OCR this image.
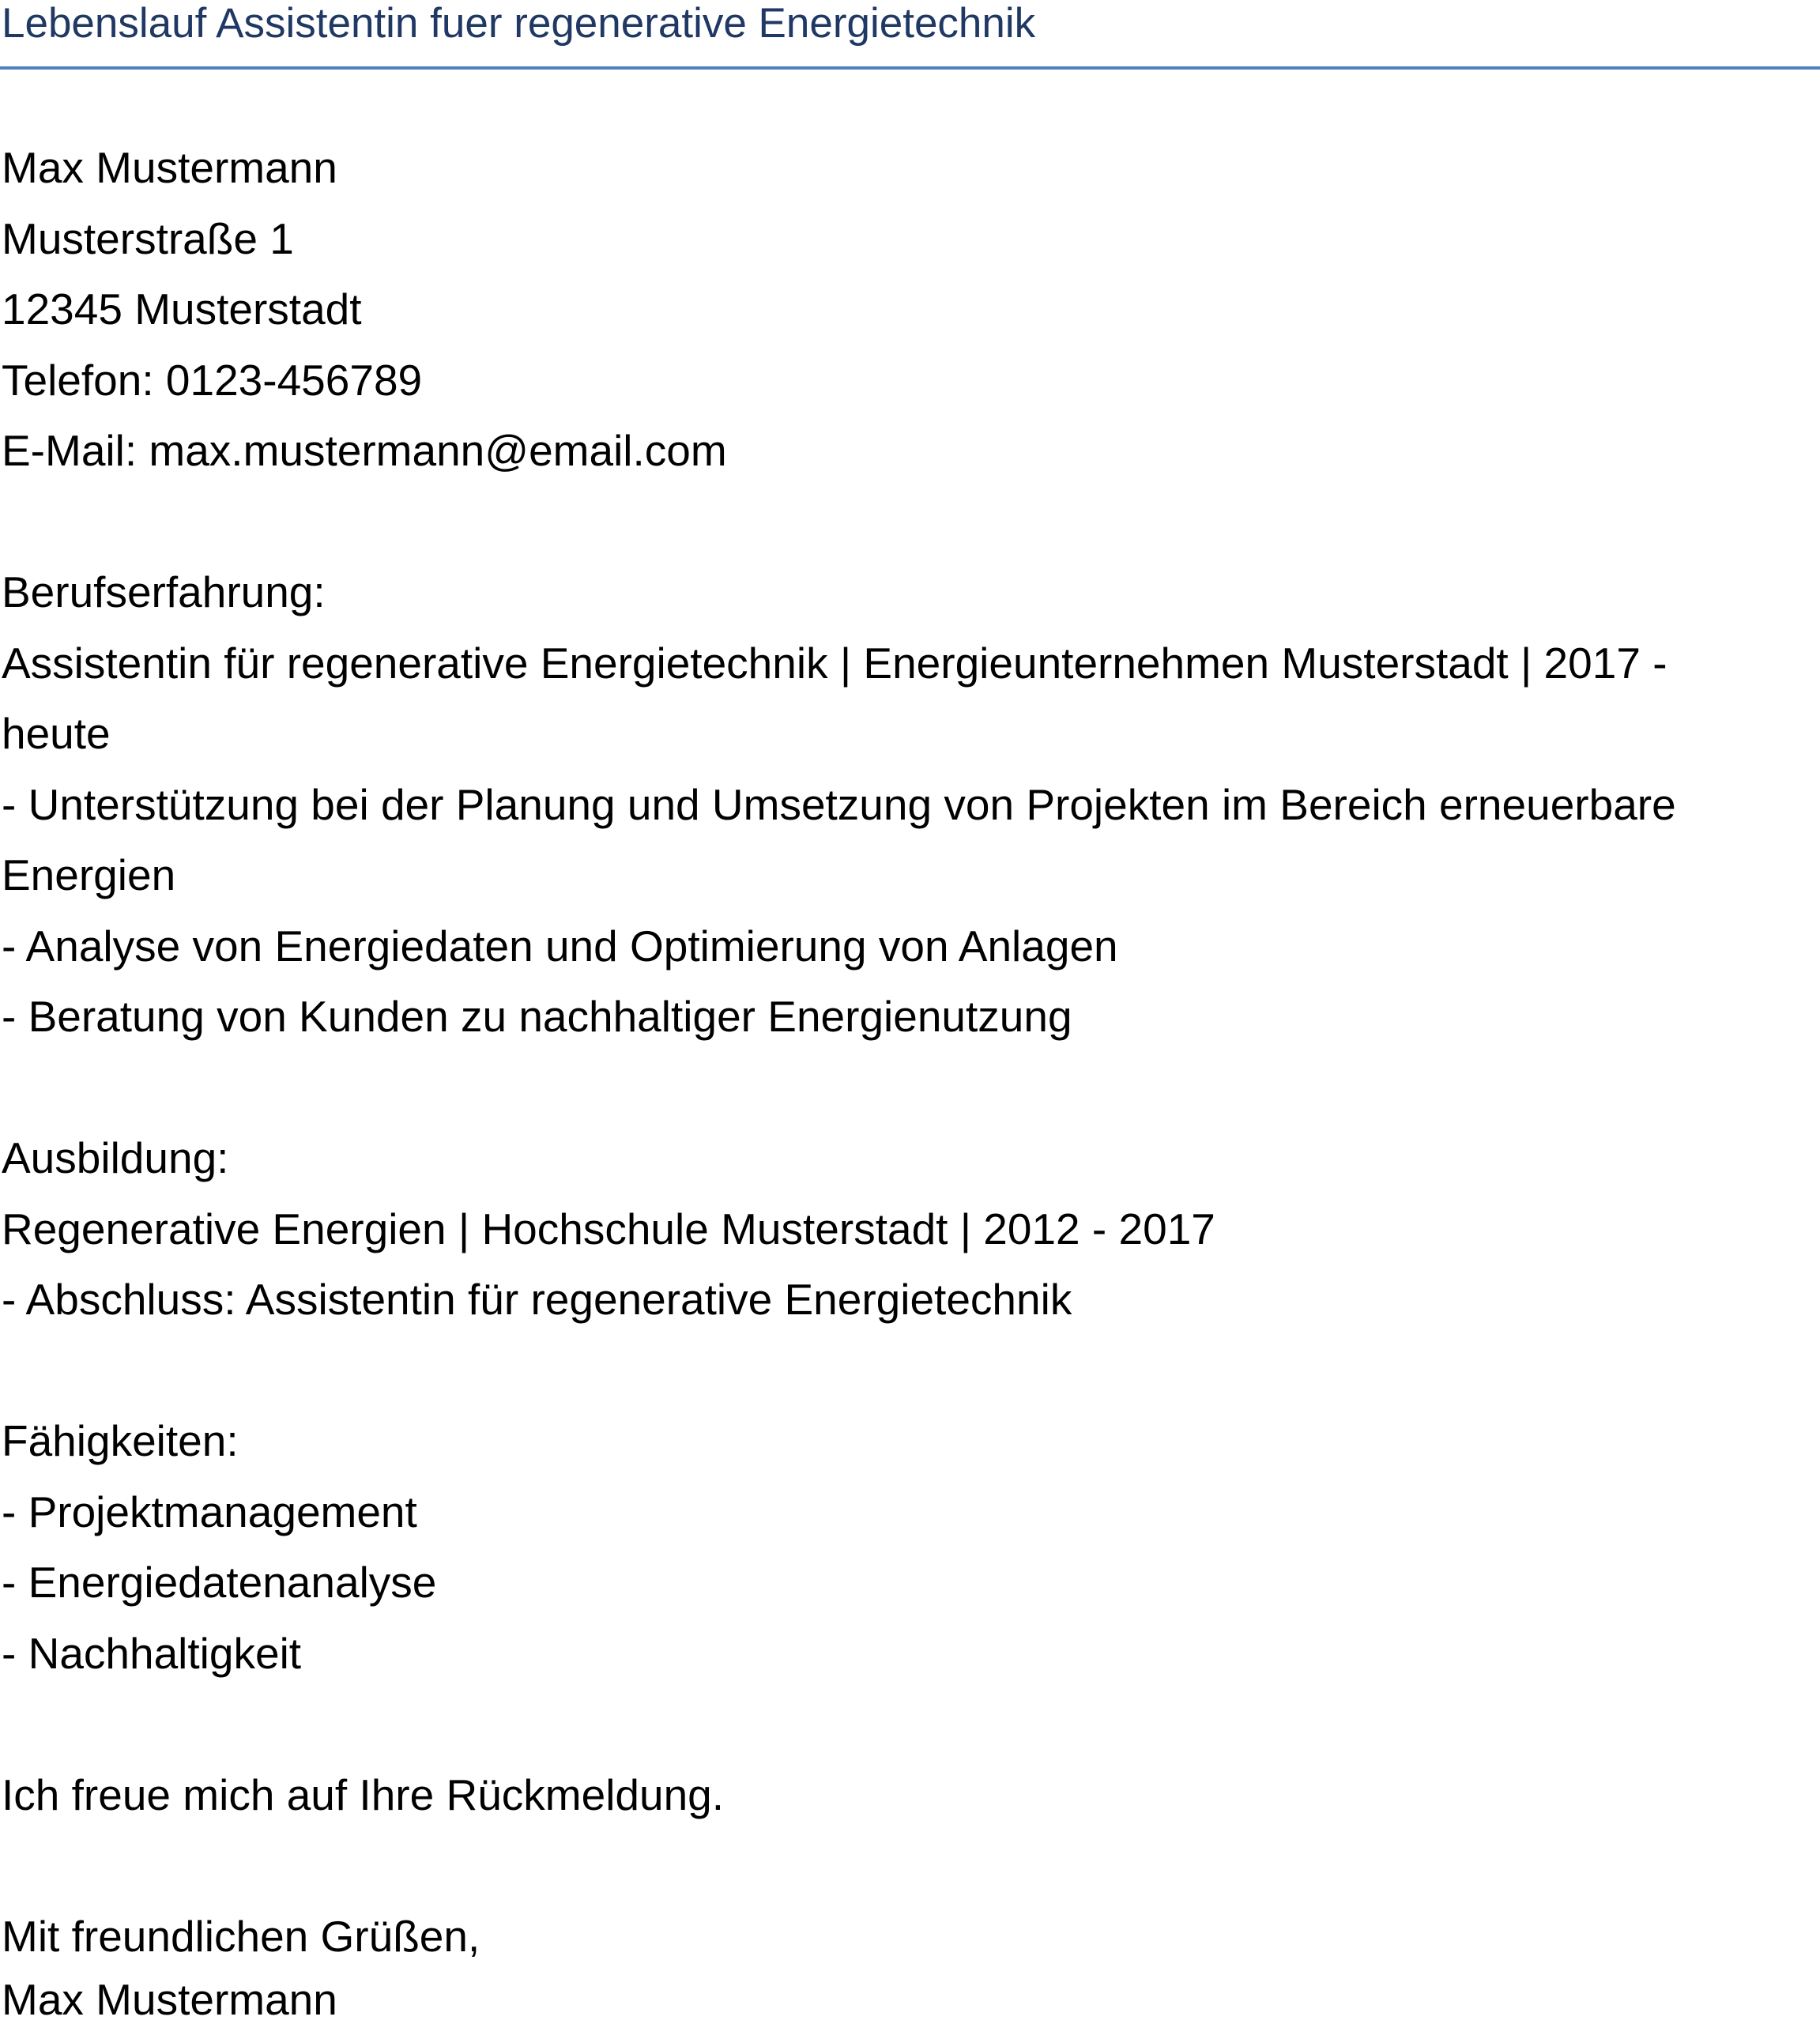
Lebenslauf Assistentin fuer regenerative Energietechnik
Max Mustermann
Musterstraße 1
12345 Musterstadt
Telefon: 0123-456789
E-Mail: max.mustermann@email.com
Berufserfahrung:
Assistentin für regenerative Energietechnik | Energieunternehmen Musterstadt | 2017 -
heute
- Unterstützung bei der Planung und Umsetzung von Projekten im Bereich erneuerbare
Energien
- Analyse von Energiedaten und Optimierung von Anlagen
- Beratung von Kunden zu nachhaltiger Energienutzung
Ausbildung:
Regenerative Energien | Hochschule Musterstadt | 2012 - 2017
- Abschluss: Assistentin für regenerative Energietechnik
Fähigkeiten:
- Projektmanagement
- Energiedatenanalyse
- Nachhaltigkeit
Ich freue mich auf Ihre Rückmeldung.
Mit freundlichen Grüßen,
Max Mustermann
